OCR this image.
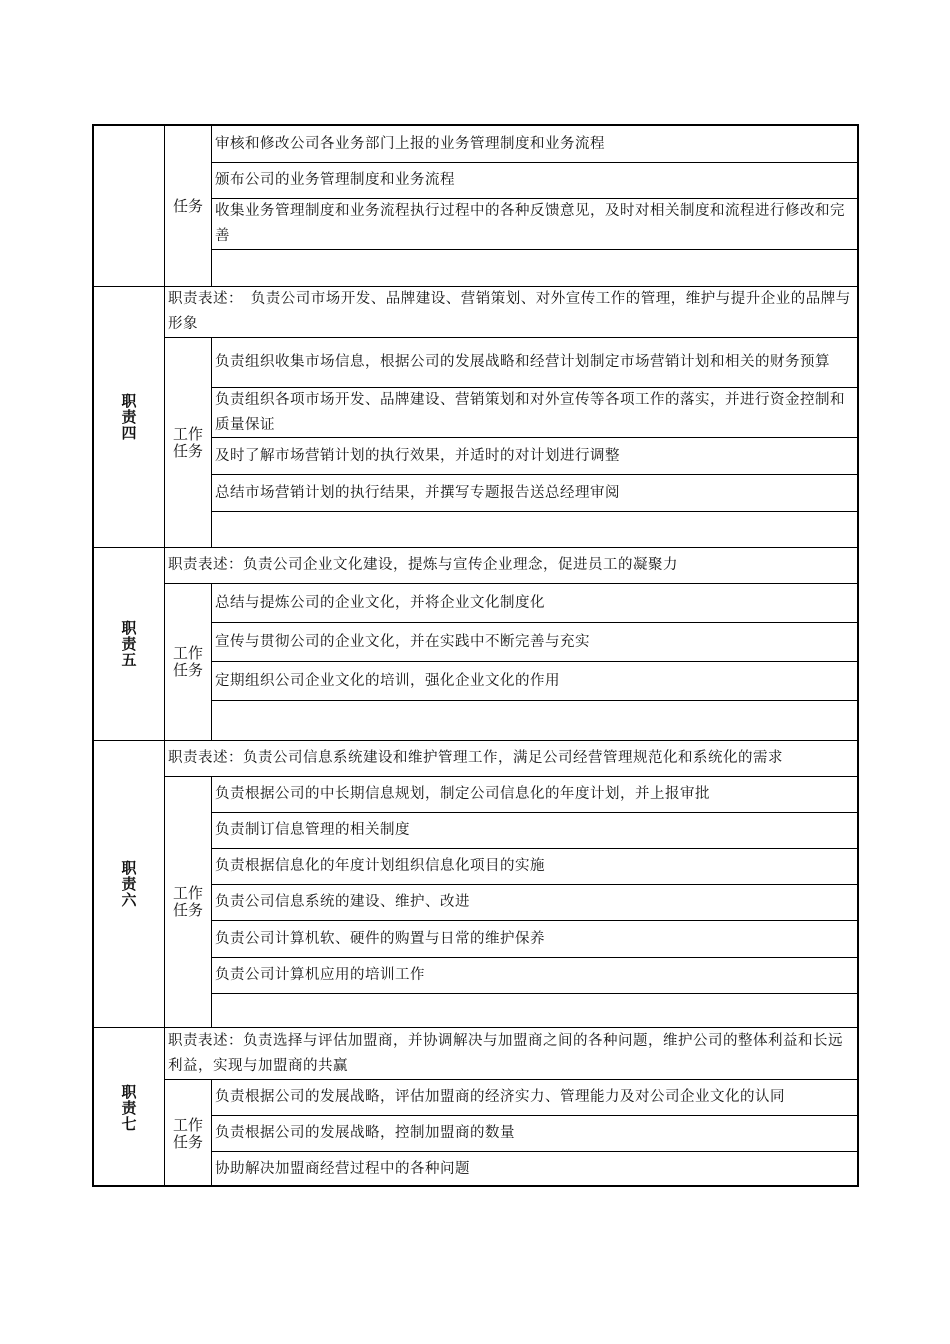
任务
审核和修改公司各业务部门上报的业务管理制度和业务流程
颁布公司的业务管理制度和业务流程
收集业务管理制度和业务流程执行过程中的各种反馈意见，及时对相关制度和流程进行修改和完善
职责四
职责表述：　负责公司市场开发、品牌建设、营销策划、对外宣传工作的管理，维护与提升企业的品牌与形象
工作任务
负责组织收集市场信息，根据公司的发展战略和经营计划制定市场营销计划和相关的财务预算
负责组织各项市场开发、品牌建设、营销策划和对外宣传等各项工作的落实，并进行资金控制和质量保证
及时了解市场营销计划的执行效果，并适时的对计划进行调整
总结市场营销计划的执行结果，并撰写专题报告送总经理审阅
职责五
职责表述：负责公司企业文化建设，提炼与宣传企业理念，促进员工的凝聚力
工作任务
总结与提炼公司的企业文化，并将企业文化制度化
宣传与贯彻公司的企业文化，并在实践中不断完善与充实
定期组织公司企业文化的培训，强化企业文化的作用
职责六
职责表述：负责公司信息系统建设和维护管理工作，满足公司经营管理规范化和系统化的需求
工作任务
负责根据公司的中长期信息规划，制定公司信息化的年度计划，并上报审批
负责制订信息管理的相关制度
负责根据信息化的年度计划组织信息化项目的实施
负责公司信息系统的建设、维护、改进
负责公司计算机软、硬件的购置与日常的维护保养
负责公司计算机应用的培训工作
职责七
职责表述：负责选择与评估加盟商，并协调解决与加盟商之间的各种问题，维护公司的整体利益和长远利益，实现与加盟商的共赢
工作任务
负责根据公司的发展战略，评估加盟商的经济实力、管理能力及对公司企业文化的认同
负责根据公司的发展战略，控制加盟商的数量
协助解决加盟商经营过程中的各种问题
